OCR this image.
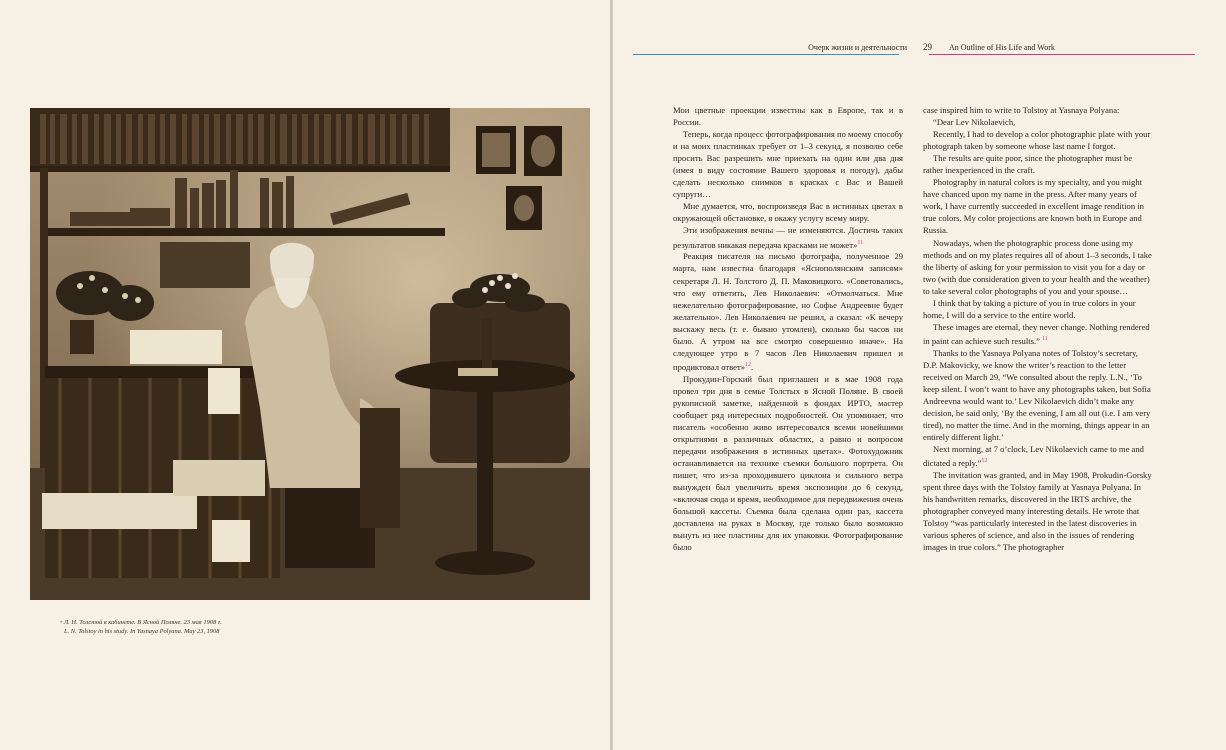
• Л. Н. Толстой в кабинете. В Ясной Поляне. 23 мая 1908 г.
L. N. Tolstoy in his study. In Yasnaya Polyana. May 23, 1908
Очерк жизни и деятельности 29 An Outline of His Life and Work

Мои цветные проекции известны как в Европе, так и в России.

Теперь, когда процесс фотографирования по моему способу и на моих пластинках требует от 1–3 секунд, я позволю себе просить Вас разрешить мне приехать на один или два дня (имея в виду состояние Вашего здоровья и погоду), дабы сделать несколько снимков в красках с Вас и Вашей супруги…

Мне думается, что, воспроизведя Вас в истинных цветах в окружающей обстановке, я окажу услугу всему миру.

Эти изображения вечны — не изменяются. Достичь таких результатов никакая передача красками не может»$^{11}$

Реакция писателя на письмо фотографа, полученное 29 марта, нам известна благодаря «Яснополянским записям» секретаря Л. Н. Толстого Д. П. Маковицкого. «Советовались, что ему ответить, Лев Николаевич: «Отмолчаться. Мне нежелательно фотографирование, но Софье Андреевне будет желательно». Лев Николаевич не решил, а сказал: «К вечеру выскажу весь (т. е. бываю утомлен), сколько бы часов ни было. А утром на все смотрю совершенно иначе». На следующее утро в 7 часов Лев Николаевич пришел и продиктовал ответ»$^{12}$.

Прокудин-Горский был приглашен и в мае 1908 года провел три дня в семье Толстых в Ясной Поляне. В своей рукописной заметке, найденной в фондах ИРТО, мастер сообщает ряд интересных подробностей. Он упоминает, что писатель «особенно живо интересовался всеми новейшими открытиями в различных областях, а равно и вопросом передачи изображения в истинных цветах». Фотохудожник останавливается на технике съемки большого портрета. Он пишет, что из-за проходившего циклона и сильного ветра вынужден был увеличить время экспозиции до 6 секунд, «включая сюда и время, необходимое для передвижения очень большой кассеты. Съемка была сделана один раз, кассета доставлена на руках в Москву, где только было возможно вынуть из нее пластины для их упаковки. Фотографирование было

case inspired him to write to Tolstoy at Yasnaya Polyana:

“Dear Lev Nikolaevich,

Recently, I had to develop a color photographic plate with your photograph taken by someone whose last name I forgot.

The results are quite poor, since the photographer must be rather inexperienced in the craft.

Photography in natural colors is my specialty, and you might have chanced upon my name in the press. After many years of work, I have currently succeeded in excellent image rendition in true colors. My color projections are known both in Europe and Russia.

Nowadays, when the photographic process done using my methods and on my plates requires all of about 1–3 seconds, I take the liberty of asking for your permission to visit you for a day or two (with due consideration given to your health and the weather) to take several color photographs of you and your spouse…

I think that by taking a picture of you in true colors in your home, I will do a service to the entire world.

These images are eternal, they never change. Nothing rendered in paint can achieve such results.” $^{11}$

Thanks to the Yasnaya Polyana notes of Tolstoy’s secretary, D.P. Makovicky, we know the writer’s reaction to the letter received on March 29, “We consulted about the reply. L.N., ‘To keep silent. I won’t want to have any photographs taken, but Sofia Andreevna would want to.’ Lev Nikolaevich didn’t make any decision, he said only, ‘By the evening, I am all out (i.e. I am very tired), no matter the time. And in the morning, things appear in an entirely different light.’

Next morning, at 7 o’clock, Lev Nikolaevich came to me and dictated a reply.”$^{12}$

The invitation was granted, and in May 1908, Prokudin-Gorsky spent three days with the Tolstoy family at Yasnaya Polyana. In his handwritten remarks, discovered in the IRTS archive, the photographer conveyed many interesting details. He wrote that Tolstoy “was particularly interested in the latest discoveries in various spheres of science, and also in the issues of rendering images in true colors.” The photographer
